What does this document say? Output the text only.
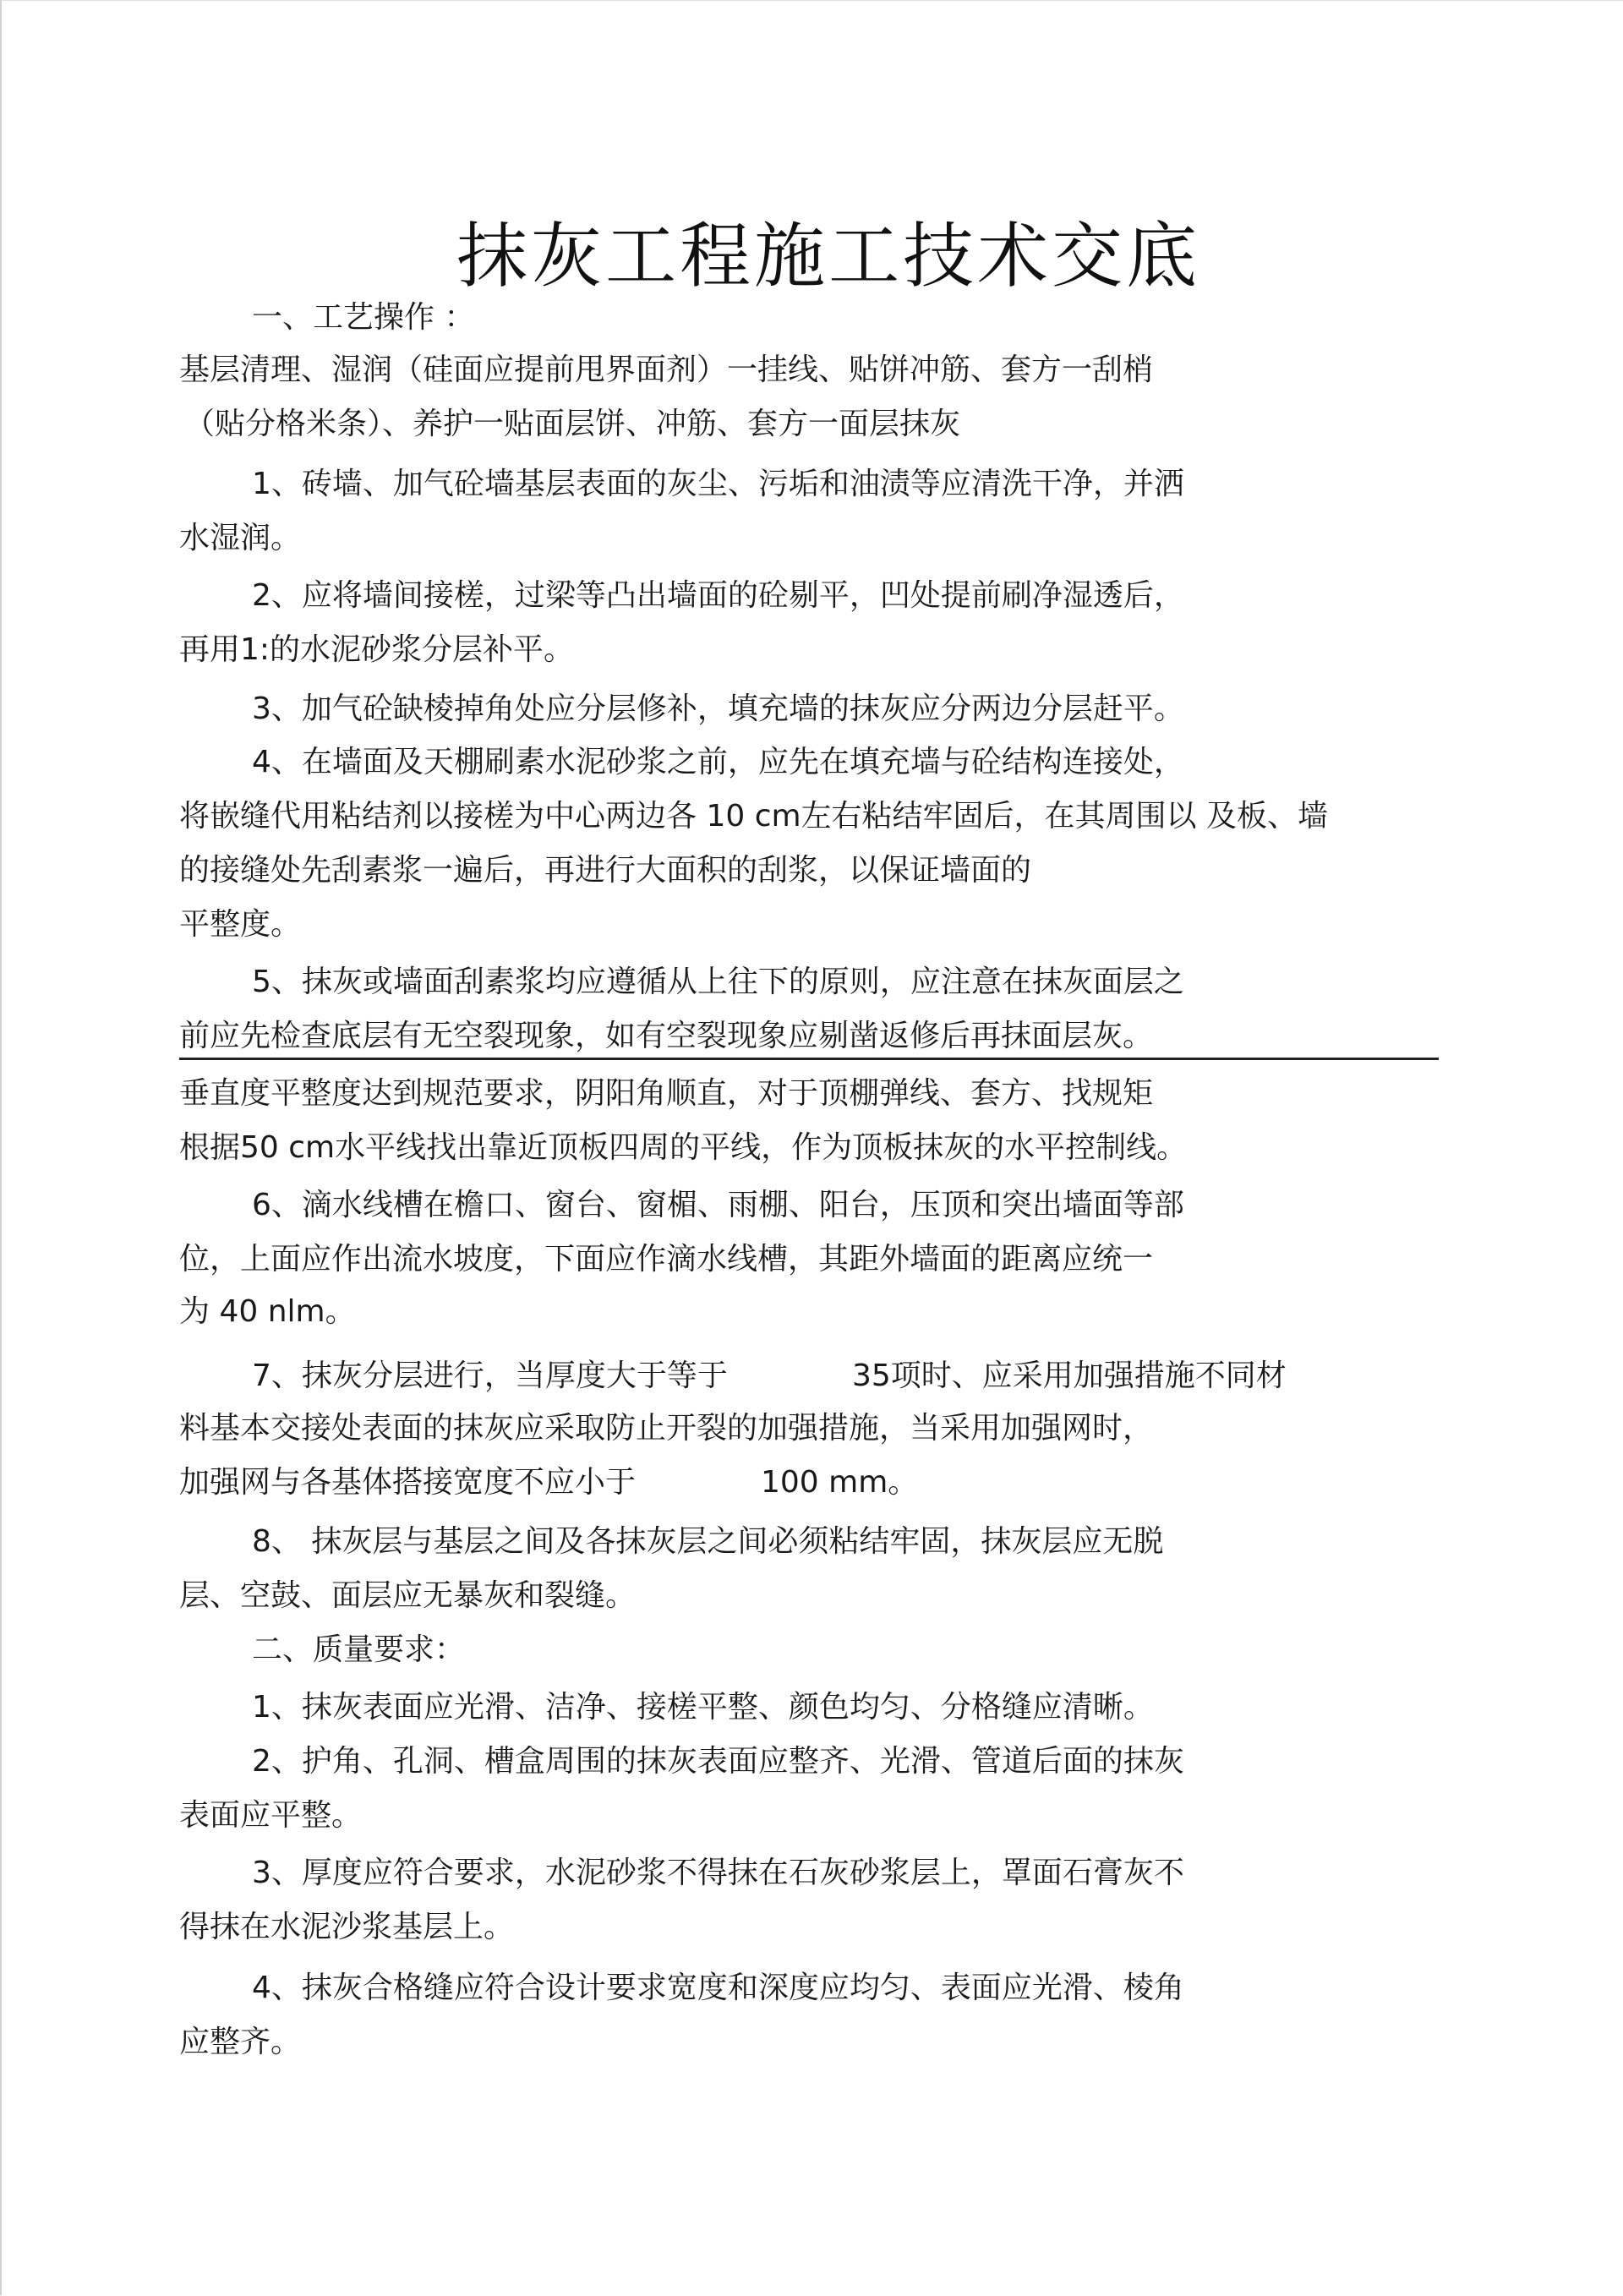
抹灰工程施工技术交底
一、工艺操作 ：
基层清理、湿润（硅面应提前甩界面剂）一挂线、贴饼冲筋、套方一刮梢
（贴分格米条）、养护一贴面层饼、冲筋、套方一面层抹灰
1、砖墙、加气砼墙基层表面的灰尘、污垢和油渍等应清洗干净，并洒
水湿润。
2、应将墙间接槎，过梁等凸出墙面的砼剔平，凹处提前刷净湿透后，
再用1:的水泥砂浆分层补平。
3、加气砼缺棱掉角处应分层修补，填充墙的抹灰应分两边分层赶平。
4、在墙面及天棚刷素水泥砂浆之前，应先在填充墙与砼结构连接处，
将嵌缝代用粘结剂以接槎为中心两边各 10 cm左右粘结牢固后，在其周围以 及板、墙
的接缝处先刮素浆一遍后，再进行大面积的刮浆，以保证墙面的
平整度。
5、抹灰或墙面刮素浆均应遵循从上往下的原则，应注意在抹灰面层之
前应先检查底层有无空裂现象，如有空裂现象应剔凿返修后再抹面层灰。
垂直度平整度达到规范要求，阴阳角顺直，对于顶棚弹线、套方、找规矩
根据50 cm水平线找出靠近顶板四周的平线，作为顶板抹灰的水平控制线。
6、滴水线槽在檐口、窗台、窗楣、雨棚、阳台，压顶和突出墙面等部
位，上面应作出流水坡度，下面应作滴水线槽，其距外墙面的距离应统一
为 40 nlm。
7、抹灰分层进行，当厚度大于等于	35项时、应采用加强措施不同材
料基本交接处表面的抹灰应采取防止开裂的加强措施，当采用加强网时，
加强网与各基体搭接宽度不应小于	100 mm。
8、 抹灰层与基层之间及各抹灰层之间必须粘结牢固，抹灰层应无脱
层、空鼓、面层应无暴灰和裂缝。
二、质量要求：
1、抹灰表面应光滑、洁净、接槎平整、颜色均匀、分格缝应清晰。
2、护角、孔洞、槽盒周围的抹灰表面应整齐、光滑、管道后面的抹灰
表面应平整。
3、厚度应符合要求，水泥砂浆不得抹在石灰砂浆层上，罩面石膏灰不
得抹在水泥沙浆基层上。
4、抹灰合格缝应符合设计要求宽度和深度应均匀、表面应光滑、棱角
应整齐。
